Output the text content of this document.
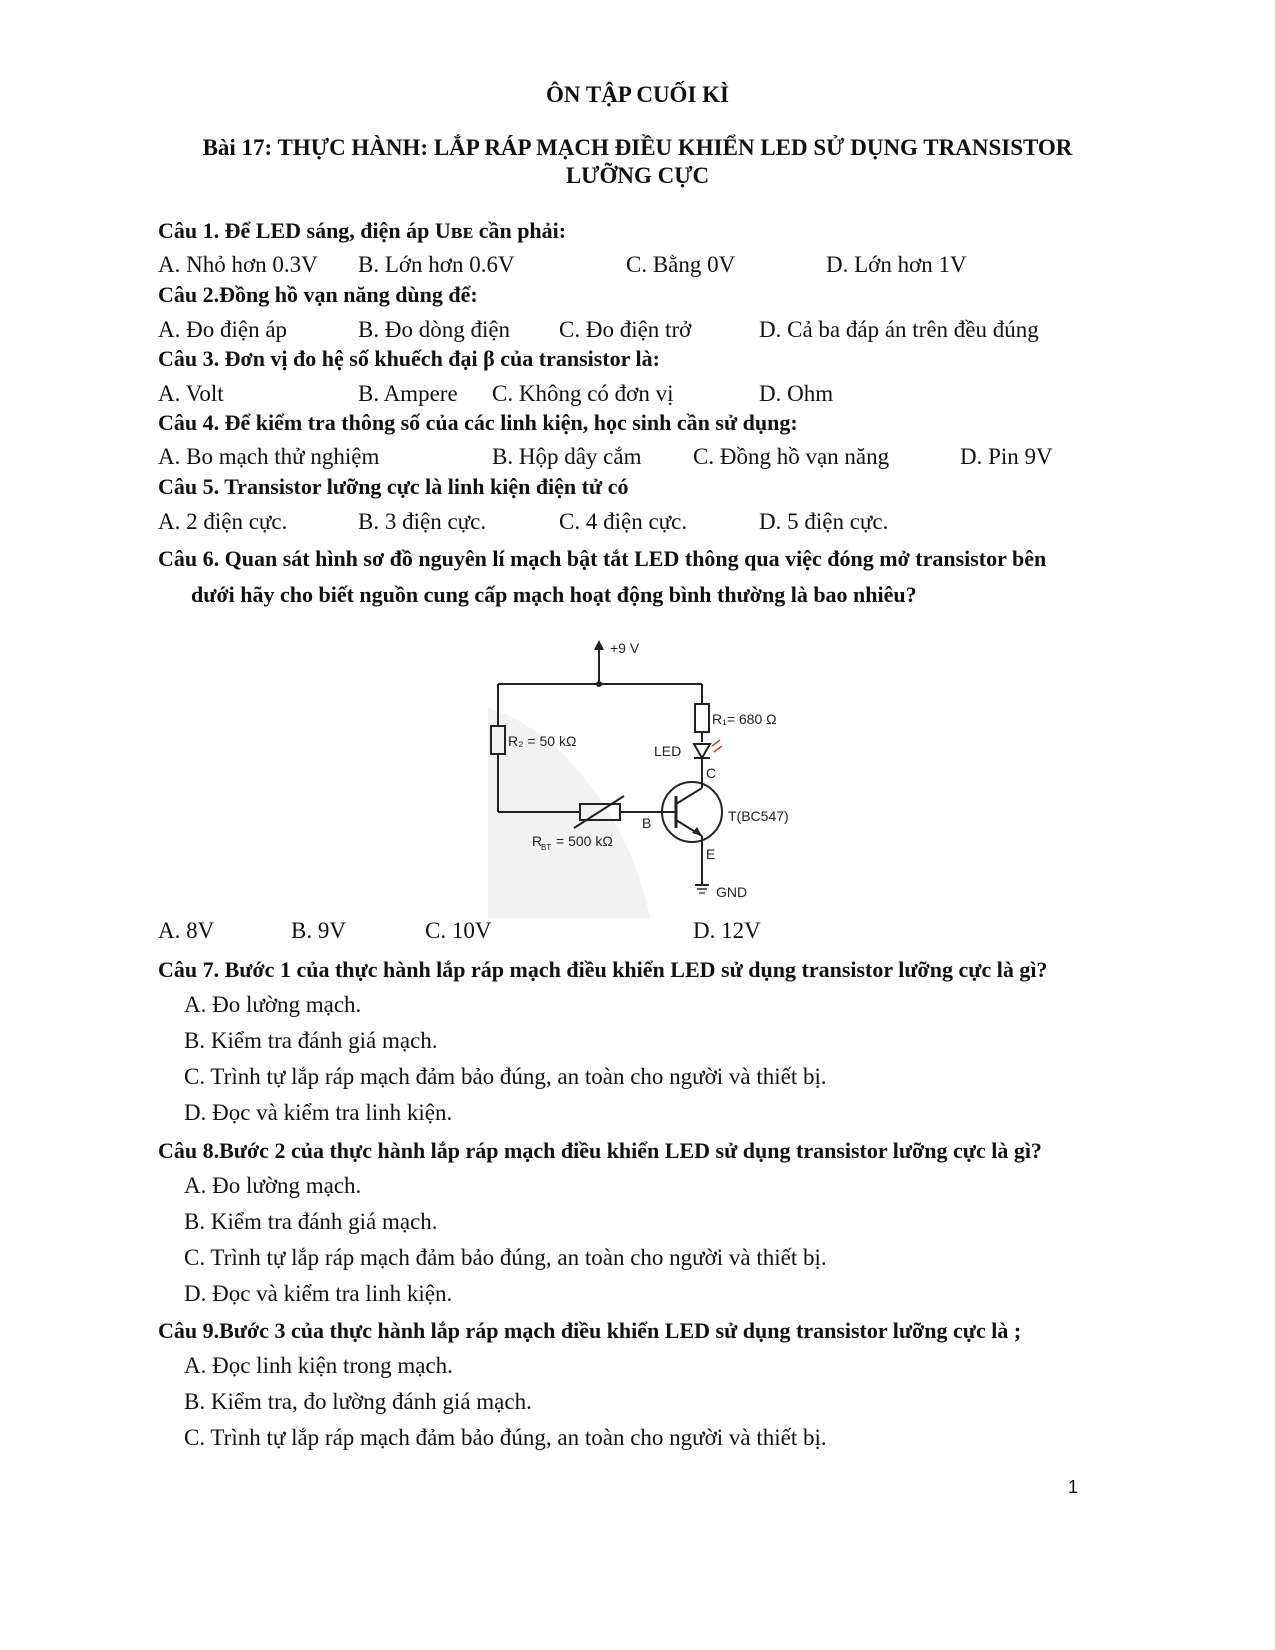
ÔN TẬP CUỐI KÌ
Bài 17: THỰC HÀNH: LẮP RÁP MẠCH ĐIỀU KHIỂN LED SỬ DỤNG TRANSISTOR
LƯỠNG CỰC
Câu 1. Để LED sáng, điện áp Uʙᴇ cần phải:
A. Nhỏ hơn 0.3V B. Lớn hơn 0.6V	C. Bằng 0V	D. Lớn hơn 1V
Câu 2.Đồng hồ vạn năng dùng để:
A. Đo điện áp	B. Đo dòng điện C. Đo điện trở	D. Cả ba đáp án trên đều đúng
Câu 3. Đơn vị đo hệ số khuếch đại β của transistor là:
A. Volt	B. Ampere C. Không có đơn vị	D. Ohm
Câu 4. Để kiểm tra thông số của các linh kiện, học sinh cần sử dụng:
A. Bo mạch thử nghiệm	B. Hộp dây cắm C. Đồng hồ vạn năng	D. Pin 9V
Câu 5. Transistor lưỡng cực là linh kiện điện tử có
A. 2 điện cực.	B. 3 điện cực.	C. 4 điện cực.	D. 5 điện cực.
Câu 6. Quan sát hình sơ đồ nguyên lí mạch bật tắt LED thông qua việc đóng mở transistor bên
dưới hãy cho biết nguồn cung cấp mạch hoạt động bình thường là bao nhiêu?
+9 V
R₁= 680 Ω
R₂ = 50 kΩ
LED
C
B	T(BC547)
E
R
BT = 500 kΩ
GND
A. 8V	B. 9V	C. 10V	D. 12V
Câu 7. Bước 1 của thực hành lắp ráp mạch điều khiển LED sử dụng transistor lưỡng cực là gì?
A. Đo lường mạch.
B. Kiểm tra đánh giá mạch.
C. Trình tự lắp ráp mạch đảm bảo đúng, an toàn cho người và thiết bị.
D. Đọc và kiểm tra linh kiện.
Câu 8.Bước 2 của thực hành lắp ráp mạch điều khiển LED sử dụng transistor lưỡng cực là gì?
A. Đo lường mạch.
B. Kiểm tra đánh giá mạch.
C. Trình tự lắp ráp mạch đảm bảo đúng, an toàn cho người và thiết bị.
D. Đọc và kiểm tra linh kiện.
Câu 9.Bước 3 của thực hành lắp ráp mạch điều khiển LED sử dụng transistor lưỡng cực là ;
A. Đọc linh kiện trong mạch.
B. Kiểm tra, đo lường đánh giá mạch.
C. Trình tự lắp ráp mạch đảm bảo đúng, an toàn cho người và thiết bị.
1
